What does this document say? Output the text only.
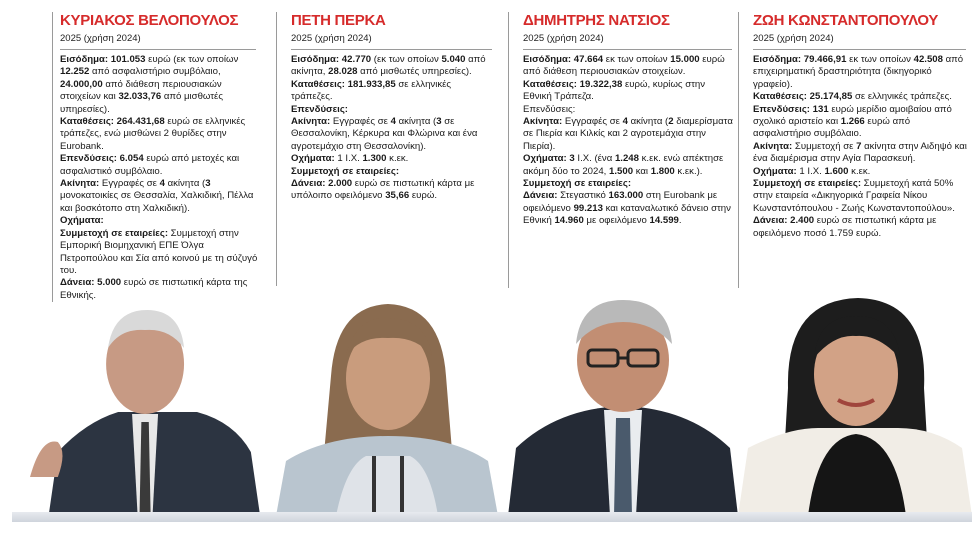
ΚΥΡΙΑΚΟΣ ΒΕΛΟΠΟΥΛΟΣ
2025 (χρήση 2024)

Εισόδημα: 101.053 ευρώ (εκ των οποίων 12.252 από ασφαλιστήριο συμβόλαιο, 24.000,00 από διάθεση περιουσιακών στοιχείων και 32.033,76 από μισθωτές υπηρεσίες).

Καταθέσεις: 264.431,68 ευρώ σε ελληνικές τράπεζες, ενώ μισθώνει 2 θυρίδες στην Eurobank.

Επενδύσεις: 6.054 ευρώ από μετοχές και ασφαλιστικό συμβόλαιο.

Ακίνητα: Εγγραφές σε 4 ακίνητα (3 μονοκατοικίες σε Θεσσαλία, Χαλκιδική, Πέλλα και βοσκότοπο στη Χαλκιδική).

Οχήματα:

Συμμετοχή σε εταιρείες: Συμμετοχή στην Εμπορική Βιομηχανική ΕΠΕ Όλγα Πετροπούλου και Σία από κοινού με τη σύζυγό του.

Δάνεια: 5.000 ευρώ σε πιστωτική κάρτα της Εθνικής.

ΠΕΤΗ ΠΕΡΚΑ
2025 (χρήση 2024)

Εισόδημα: 42.770 (εκ των οποίων 5.040 από ακίνητα, 28.028 από μισθωτές υπηρεσίες).

Καταθέσεις: 181.933,85 σε ελληνικές τράπεζες.

Επενδύσεις:

Ακίνητα: Εγγραφές σε 4 ακίνητα (3 σε Θεσσαλονίκη, Κέρκυρα και Φλώρινα και ένα αγροτεμάχιο στη Θεσσαλονίκη).

Οχήματα: 1 Ι.Χ. 1.300 κ.εκ.

Συμμετοχή σε εταιρείες:

Δάνεια: 2.000 ευρώ σε πιστωτική κάρτα με υπόλοιπο οφειλόμενο 35,66 ευρώ.

ΔΗΜΗΤΡΗΣ ΝΑΤΣΙΟΣ
2025 (χρήση 2024)

Εισόδημα: 47.664 εκ των οποίων 15.000 ευρώ από διάθεση περιουσιακών στοιχείων.

Καταθέσεις: 19.322,38 ευρώ, κυρίως στην Εθνική Τράπεζα.

Επενδύσεις:

Ακίνητα: Εγγραφές σε 4 ακίνητα (2 διαμερίσματα σε Πιερία και Κιλκίς και 2 αγροτεμάχια στην Πιερία).

Οχήματα: 3 Ι.Χ. (ένα 1.248 κ.εκ. ενώ απέκτησε ακόμη δύο το 2024, 1.500 και 1.800 κ.εκ.).

Συμμετοχή σε εταιρείες:

Δάνεια: Στεγαστικό 163.000 στη Eurobank με οφειλόμενο 99.213 και καταναλωτικό δάνειο στην Εθνική 14.960 με οφειλόμενο 14.599.

ΖΩΗ ΚΩΝΣΤΑΝΤΟΠΟΥΛΟΥ
2025 (χρήση 2024)

Εισόδημα: 79.466,91 εκ των οποίων 42.508 από επιχειρηματική δραστηριότητα (δικηγορικό γραφείο).

Καταθέσεις: 25.174,85 σε ελληνικές τράπεζες.

Επενδύσεις: 131 ευρώ μερίδιο αμοιβαίου από σχολικό αριστείο και 1.266 ευρώ από ασφαλιστήριο συμβόλαιο.

Ακίνητα: Συμμετοχή σε 7 ακίνητα στην Αιδηψό και ένα διαμέρισμα στην Αγία Παρασκευή.

Οχήματα: 1 Ι.Χ. 1.600 κ.εκ.

Συμμετοχή σε εταιρείες: Συμμετοχή κατά 50% στην εταιρεία «Δικηγορικά Γραφεία Νίκου Κωνσταντόπουλου - Ζωής Κωνσταντοπούλου».

Δάνεια: 2.400 ευρώ σε πιστωτική κάρτα με οφειλόμενο ποσό 1.759 ευρώ.
